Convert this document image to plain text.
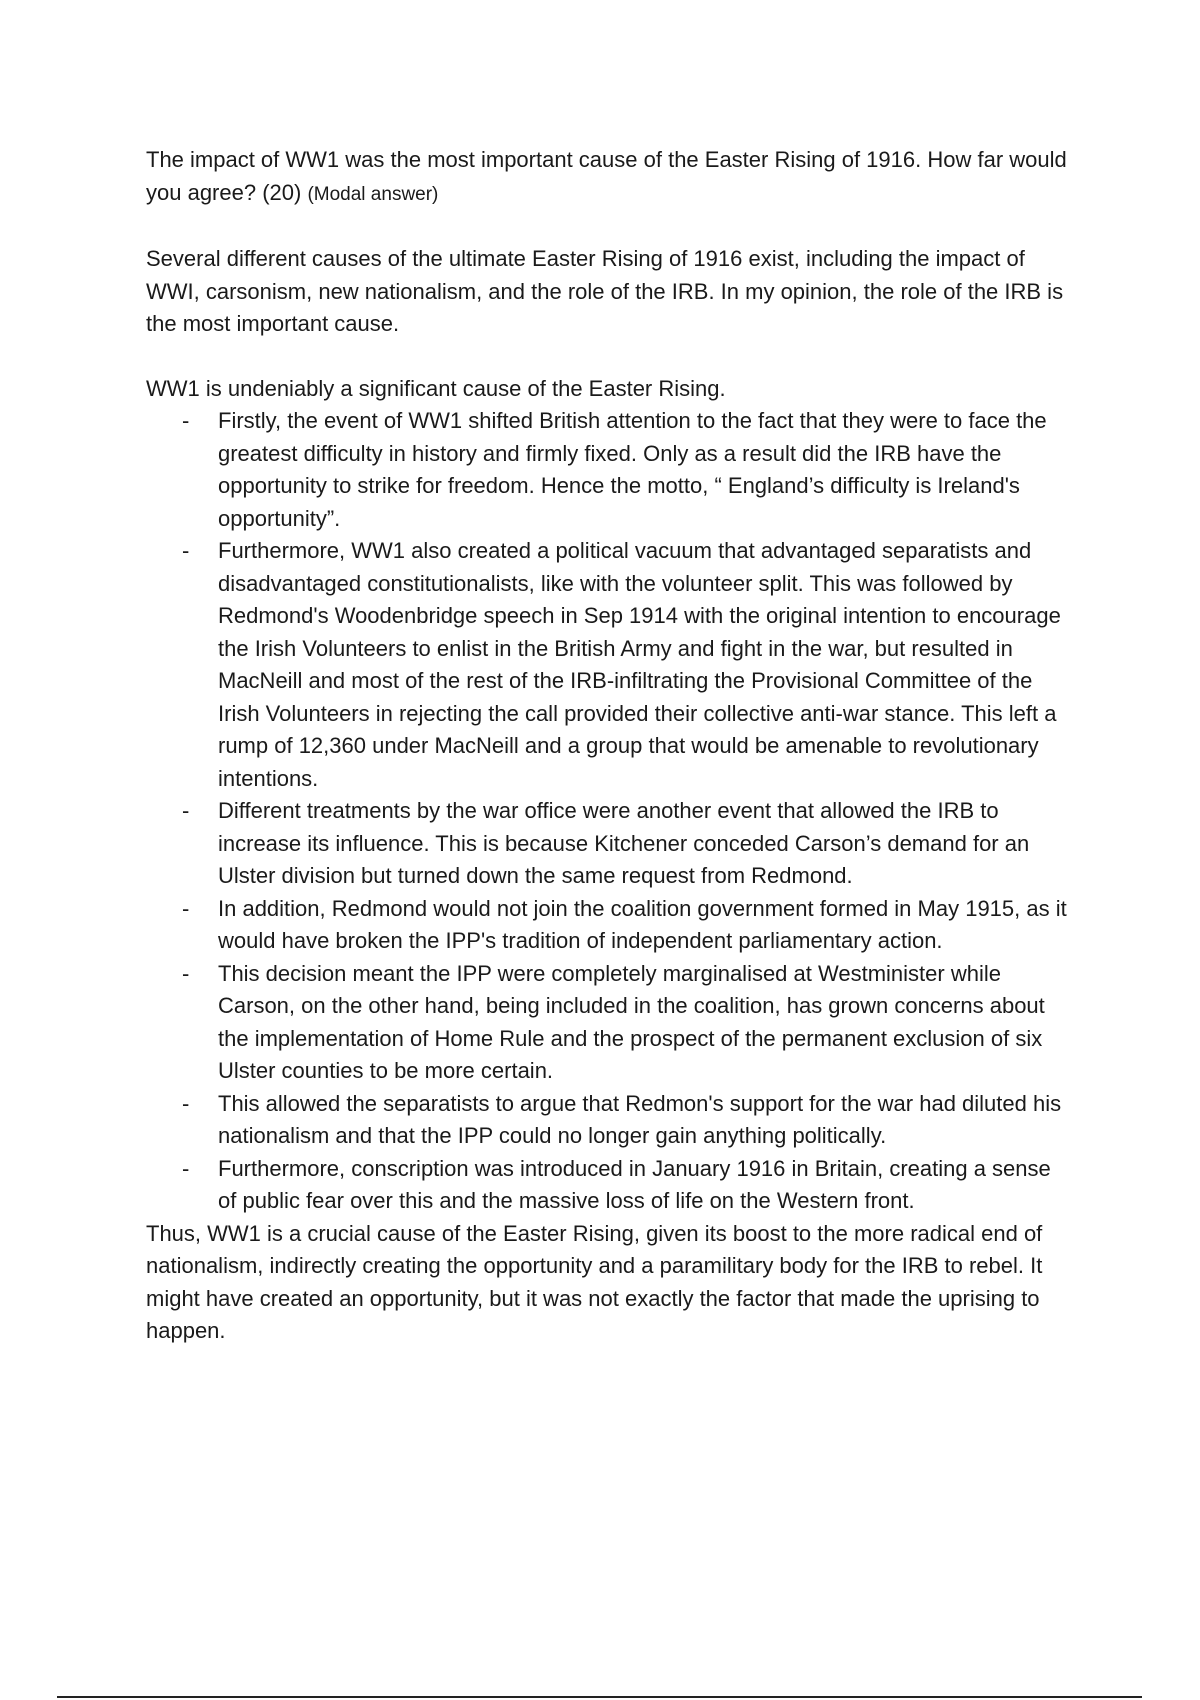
The impact of WW1 was the most important cause of the Easter Rising of 1916. How far would you agree? (20) (Modal answer)

Several different causes of the ultimate Easter Rising of 1916 exist, including the impact of WWI, carsonism, new nationalism, and the role of the IRB. In my opinion, the role of the IRB is the most important cause.

WW1 is undeniably a significant cause of the Easter Rising.

- Firstly, the event of WW1 shifted British attention to the fact that they were to face the greatest difficulty in history and firmly fixed. Only as a result did the IRB have the opportunity to strike for freedom. Hence the motto, “ England’s difficulty is Ireland's opportunity”.
- Furthermore, WW1 also created a political vacuum that advantaged separatists and disadvantaged constitutionalists, like with the volunteer split. This was followed by Redmond's Woodenbridge speech in Sep 1914 with the original intention to encourage the Irish Volunteers to enlist in the British Army and fight in the war, but resulted in MacNeill and most of the rest of the IRB-infiltrating the Provisional Committee of the Irish Volunteers in rejecting the call provided their collective anti-war stance. This left a rump of 12,360 under MacNeill and a group that would be amenable to revolutionary intentions.
- Different treatments by the war office were another event that allowed the IRB to increase its influence. This is because Kitchener conceded Carson’s demand for an Ulster division but turned down the same request from Redmond.
- In addition, Redmond would not join the coalition government formed in May 1915, as it would have broken the IPP's tradition of independent parliamentary action.
- This decision meant the IPP were completely marginalised at Westminister while Carson, on the other hand, being included in the coalition, has grown concerns about the implementation of Home Rule and the prospect of the permanent exclusion of six Ulster counties to be more certain.
- This allowed the separatists to argue that Redmon's support for the war had diluted his nationalism and that the IPP could no longer gain anything politically.
- Furthermore, conscription was introduced in January 1916 in Britain, creating a sense of public fear over this and the massive loss of life on the Western front.

Thus, WW1 is a crucial cause of the Easter Rising, given its boost to the more radical end of nationalism, indirectly creating the opportunity and a paramilitary body for the IRB to rebel. It might have created an opportunity, but it was not exactly the factor that made the uprising to happen.
